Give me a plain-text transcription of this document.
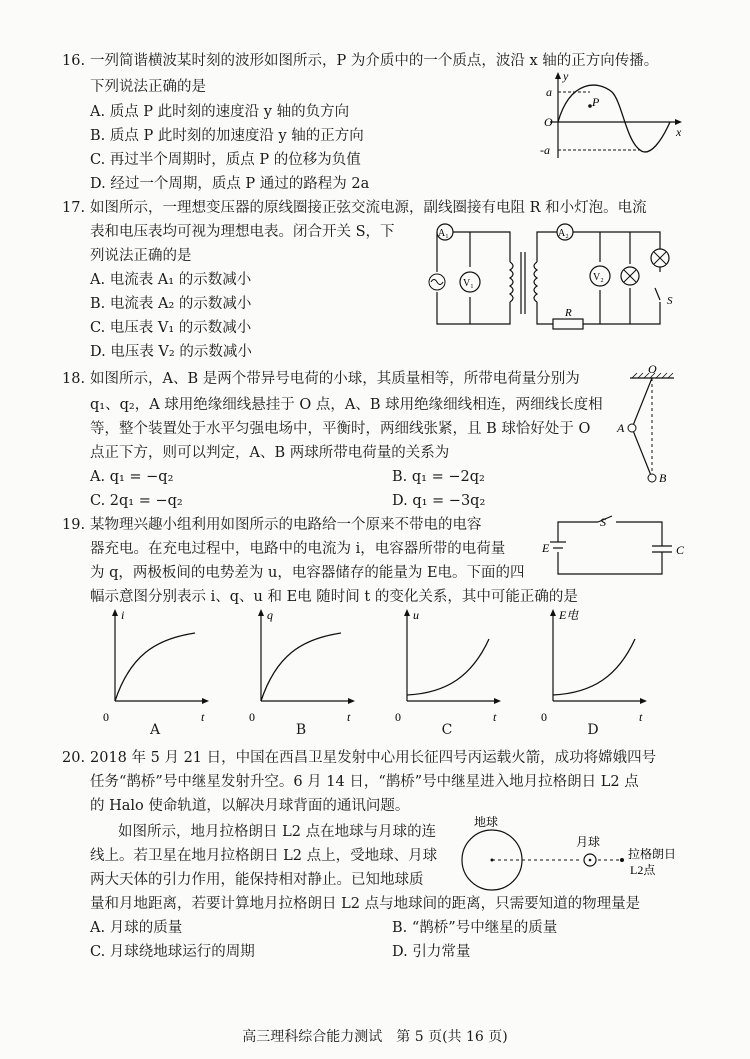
16. 一列简谐横波某时刻的波形如图所示，P 为介质中的一个质点，波沿 x 轴的正方向传播。
下列说法正确的是
A. 质点 P 此时刻的速度沿 y 轴的负方向
B. 质点 P 此时刻的加速度沿 y 轴的正方向
C. 再过半个周期时，质点 P 的位移为负值
D. 经过一个周期，质点 P 通过的路程为 2a
y
a
-a
O
P
x
17. 如图所示，一理想变压器的原线圈接正弦交流电源，副线圈接有电阻 R 和小灯泡。电流
表和电压表均可视为理想电表。闭合开关 S，下
列说法正确的是
A. 电流表 A₁ 的示数减小
B. 电流表 A₂ 的示数减小
C. 电压表 V₁ 的示数减小
D. 电压表 V₂ 的示数减小
A₁	A₂
V₁
V₂
R
S
18. 如图所示，A、B 是两个带异号电荷的小球，其质量相等，所带电荷量分别为
q₁、q₂，A 球用绝缘细线悬挂于 O 点，A、B 球用绝缘细线相连，两细线长度相
等，整个装置处于水平匀强电场中，平衡时，两细线张紧，且 B 球恰好处于 O
点正下方，则可以判定，A、B 两球所带电荷量的关系为
A. q₁ = −q₂	B. q₁ = −2q₂
C. 2q₁ = −q₂	D. q₁ = −3q₂
O
A
B
19. 某物理兴趣小组利用如图所示的电路给一个原来不带电的电容
器充电。在充电过程中，电路中的电流为 i，电容器所带的电荷量
为 q，两极板间的电势差为 u，电容器储存的能量为 E电。下面的四
幅示意图分别表示 i、q、u 和 E电 随时间 t 的变化关系，其中可能正确的是
E
S
C
i
t
0
q
t
0
u
t
0
E电
t
0
A	B	C	D
20. 2018 年 5 月 21 日，中国在西昌卫星发射中心用长征四号丙运载火箭，成功将嫦娥四号
任务“鹊桥”号中继星发射升空。6 月 14 日，“鹊桥”号中继星进入地月拉格朗日 L2 点
的 Halo 使命轨道，以解决月球背面的通讯问题。
如图所示，地月拉格朗日 L2 点在地球与月球的连
线上。若卫星在地月拉格朗日 L2 点上，受地球、月球
两大天体的引力作用，能保持相对静止。已知地球质
量和月地距离，若要计算地月拉格朗日 L2 点与地球间的距离，只需要知道的物理量是
A. 月球的质量	B. “鹊桥”号中继星的质量
C. 月球绕地球运行的周期	D. 引力常量
地球
月球
拉格朗日
L2点
高三理科综合能力测试　第 5 页(共 16 页)
